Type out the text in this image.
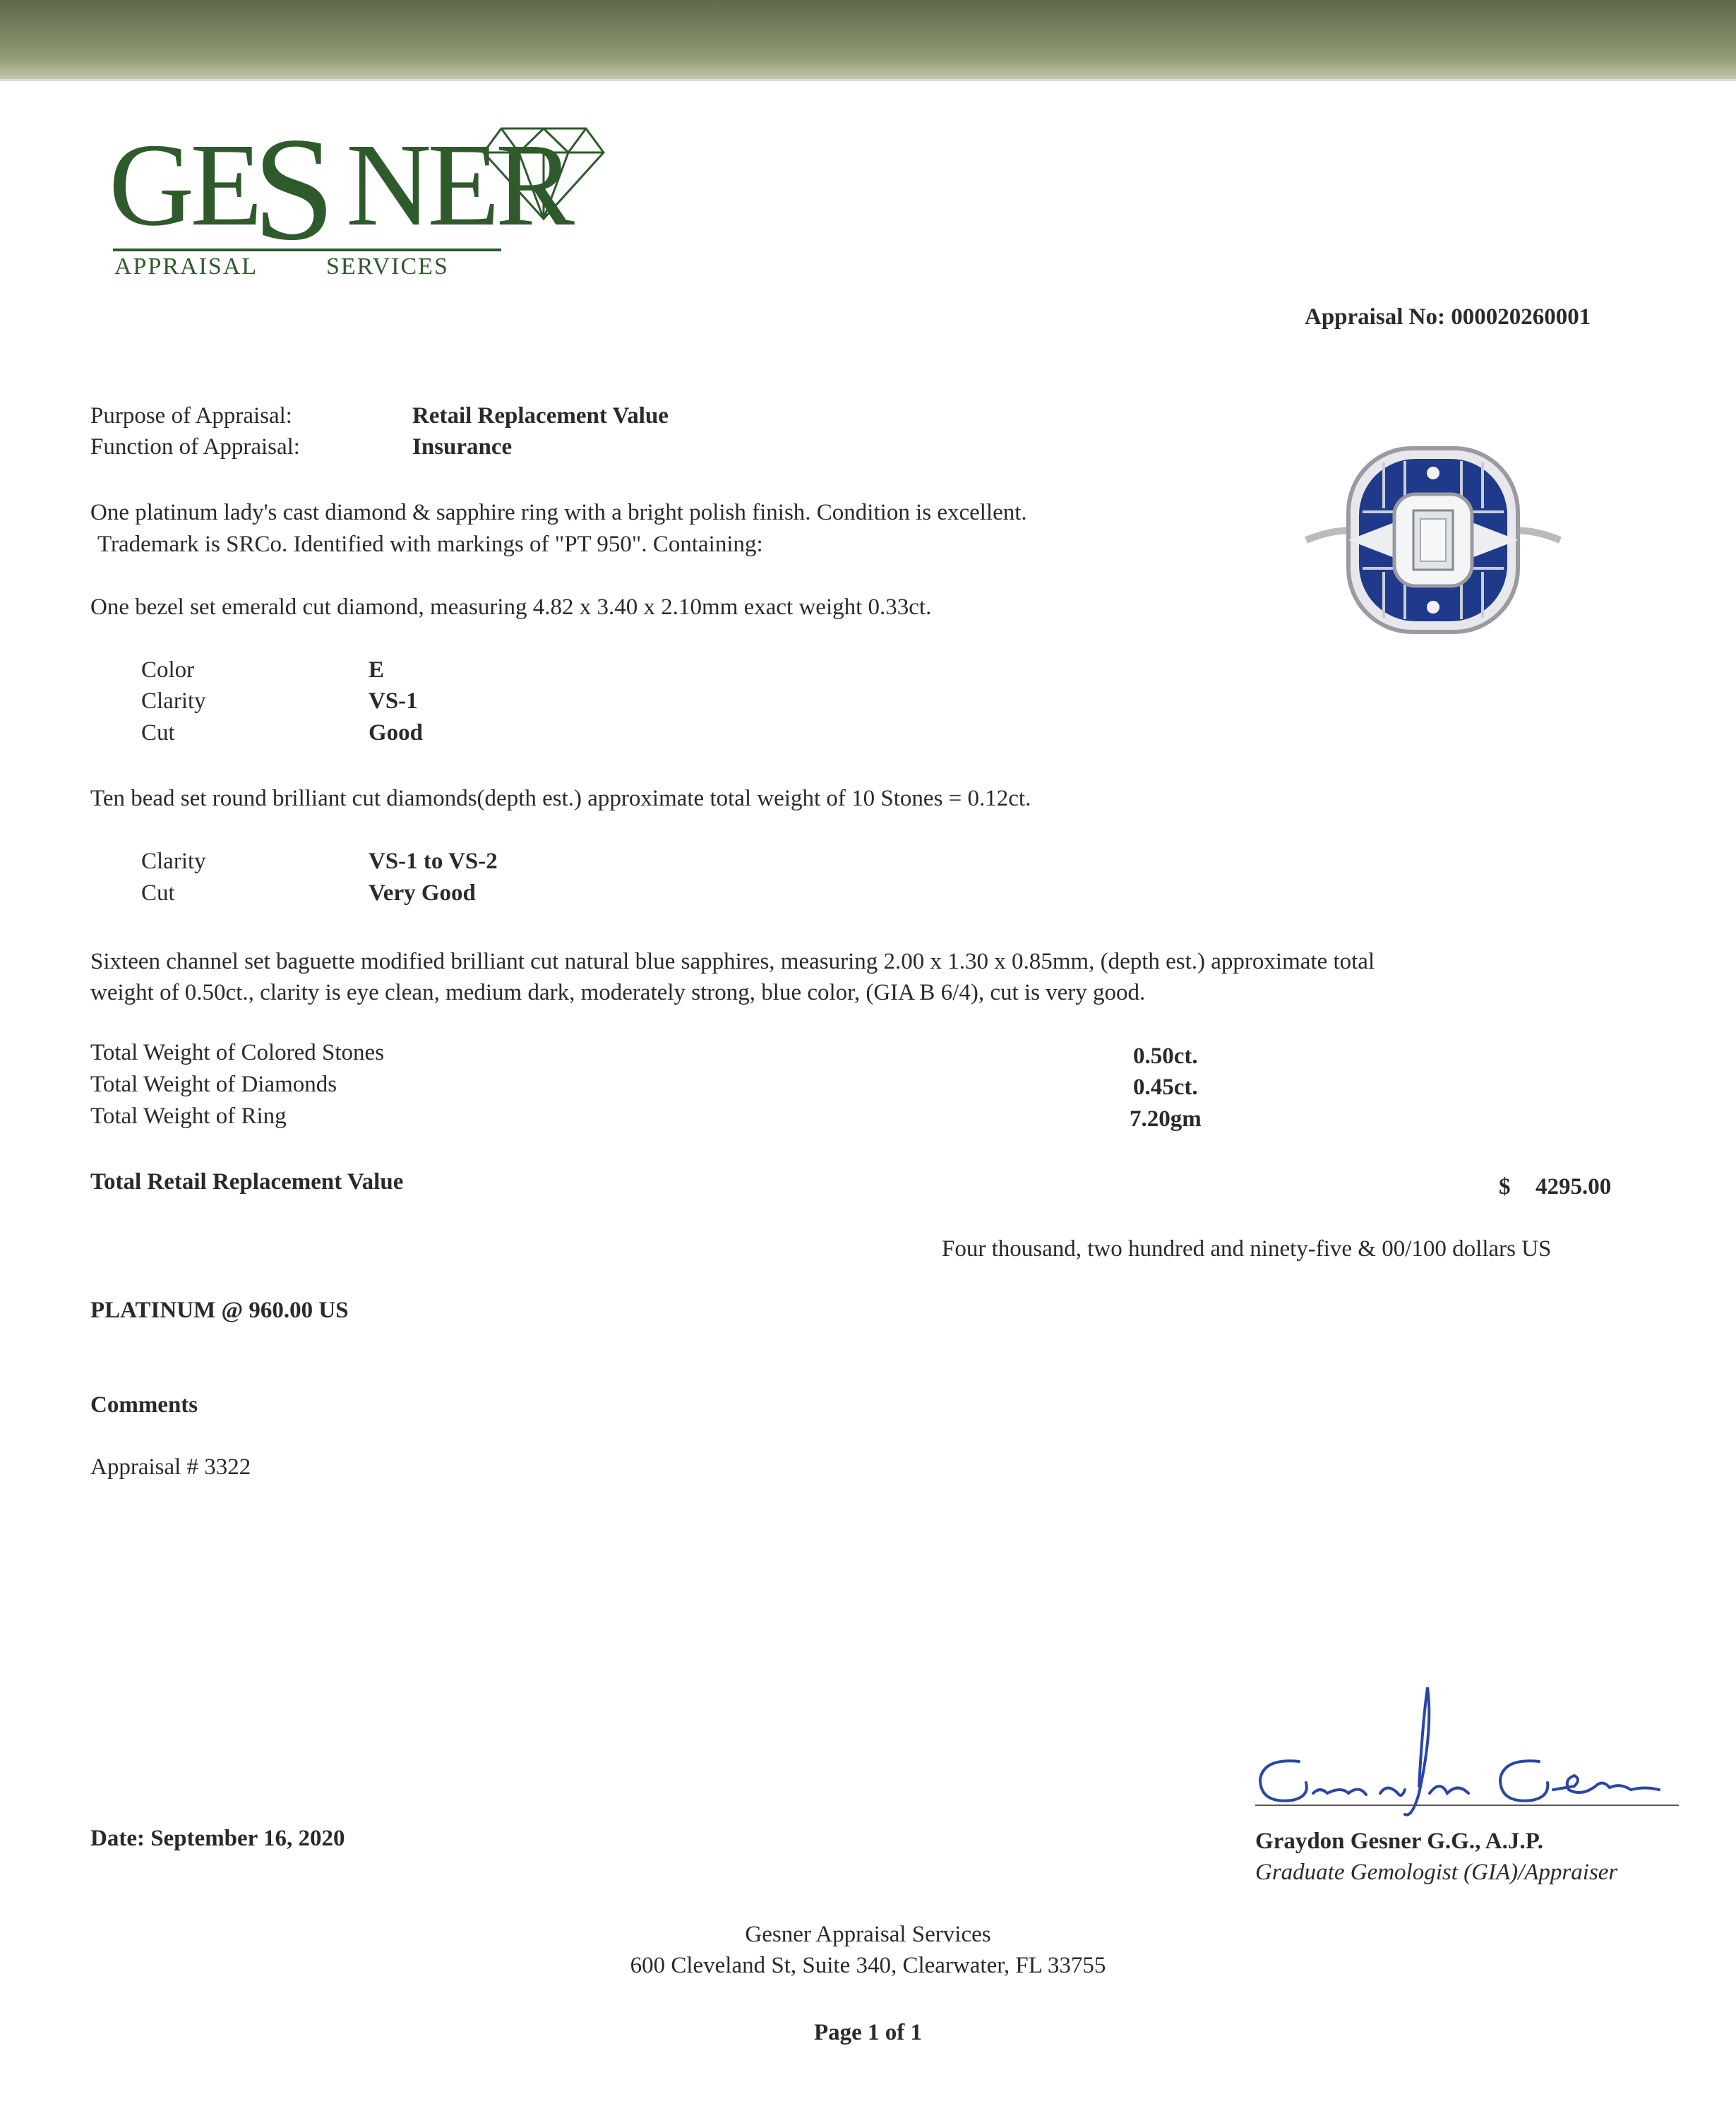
GE
S NER
APPRAISAL	SERVICES
Appraisal No: 000020260001
Purpose of Appraisal:	Retail Replacement Value
Function of Appraisal:	Insurance
One platinum lady's cast diamond & sapphire ring with a bright polish finish. Condition is excellent.
Trademark is SRCo. Identified with markings of "PT 950". Containing:
One bezel set emerald cut diamond, measuring 4.82 x 3.40 x 2.10mm exact weight 0.33ct.
Color	E
Clarity	VS-1
Cut	Good
Ten bead set round brilliant cut diamonds(depth est.) approximate total weight of 10 Stones = 0.12ct.
Clarity	VS-1 to VS-2
Cut	Very Good
Sixteen channel set baguette modified brilliant cut natural blue sapphires, measuring 2.00 x 1.30 x 0.85mm, (depth est.) approximate total
weight of 0.50ct., clarity is eye clean, medium dark, moderately strong, blue color, (GIA B 6/4), cut is very good.
Total Weight of Colored Stones	0.50ct.
Total Weight of Diamonds	0.45ct.
Total Weight of Ring	7.20gm
Total Retail Replacement Value	$ 4295.00
Four thousand, two hundred and ninety-five & 00/100 dollars US
PLATINUM @ 960.00 US
Comments
Appraisal # 3322
Graydon Gesner G.G., A.J.P.
Graduate Gemologist (GIA)/Appraiser
Date: September 16, 2020
Gesner Appraisal Services
600 Cleveland St, Suite 340, Clearwater, FL 33755
Page 1 of 1
